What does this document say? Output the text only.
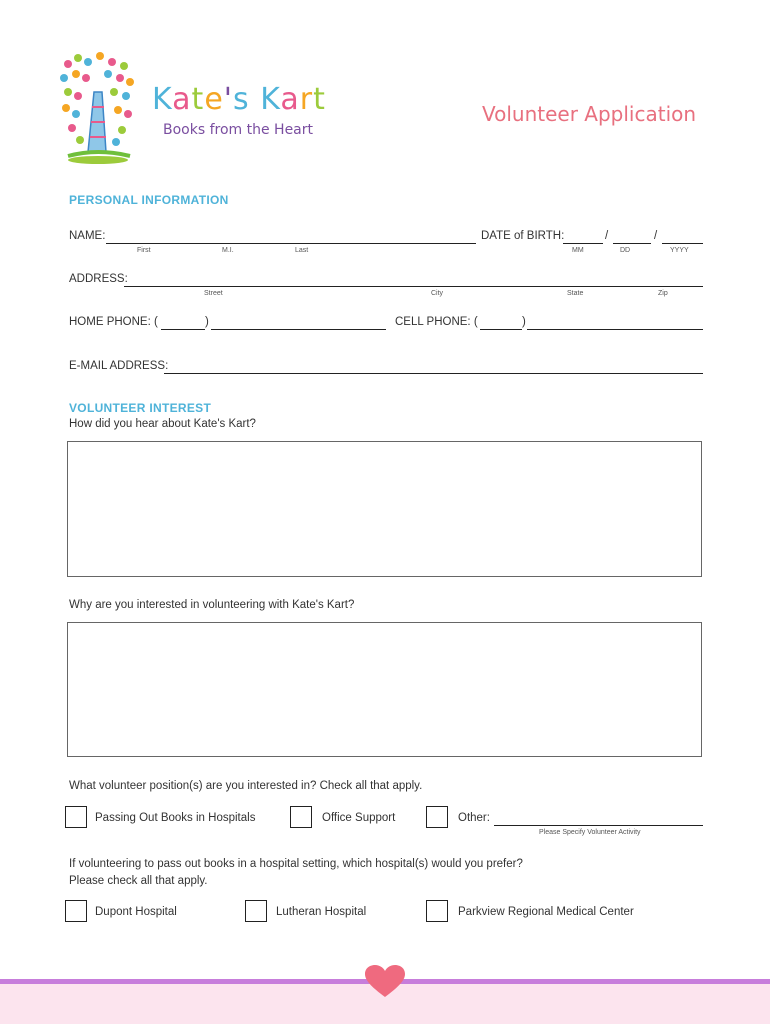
Kate's Kart
Books from the Heart
Volunteer Application
PERSONAL INFORMATION
NAME:
First	M.I.	Last
DATE of BIRTH:	/	/
MM	DD	YYYY
ADDRESS:
Street	City	State	Zip
HOME PHONE: (	)	CELL PHONE: (	)
E-MAIL ADDRESS:
VOLUNTEER INTEREST
How did you hear about Kate's Kart?
Why are you interested in volunteering with Kate's Kart?
What volunteer position(s) are you interested in? Check all that apply.
Passing Out Books in Hospitals	Office Support	Other:
Please Specify Volunteer Activity
If volunteering to pass out books in a hospital setting, which hospital(s) would you prefer?
Please check all that apply.
Dupont Hospital	Lutheran Hospital	Parkview Regional Medical Center
